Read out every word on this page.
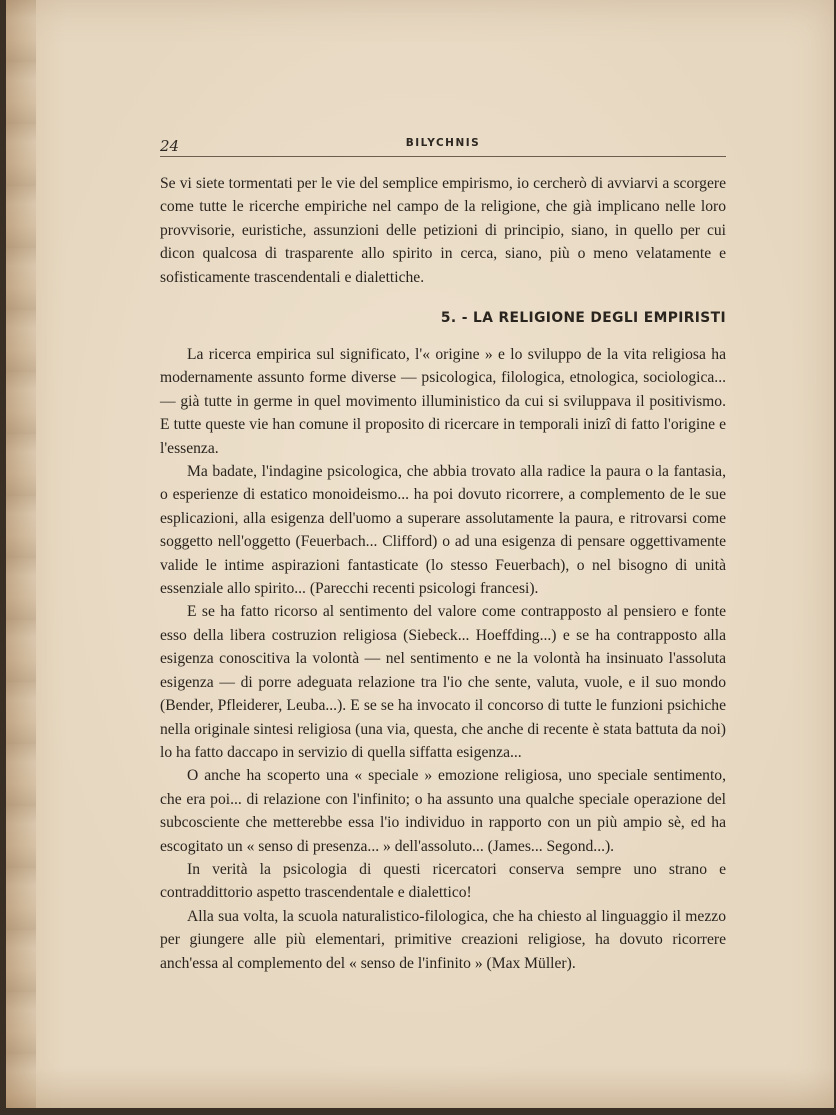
24	BILYCHNIS

Se vi siete tormentati per le vie del semplice empirismo, io cercherò di avviarvi a scorgere come tutte le ricerche empiriche nel campo de la religione, che già implicano nelle loro provvisorie, euristiche, assunzioni delle petizioni di principio, siano, in quello per cui dicon qualcosa di trasparente allo spirito in cerca, siano, più o meno velatamente e sofisticamente trascendentali e dialettiche.

5. - LA RELIGIONE DEGLI EMPIRISTI

La ricerca empirica sul significato, l'« origine » e lo sviluppo de la vita religiosa ha modernamente assunto forme diverse — psicologica, filologica, etnologica, sociologica... — già tutte in germe in quel movimento illuministico da cui si sviluppava il positivismo. E tutte queste vie han comune il proposito di ricercare in temporali inizî di fatto l'origine e l'essenza.

Ma badate, l'indagine psicologica, che abbia trovato alla radice la paura o la fantasia, o esperienze di estatico monoideismo... ha poi dovuto ricorrere, a complemento de le sue esplicazioni, alla esigenza dell'uomo a superare assolutamente la paura, e ritrovarsi come soggetto nell'oggetto (Feuerbach... Clifford) o ad una esigenza di pensare oggettivamente valide le intime aspirazioni fantasticate (lo stesso Feuerbach), o nel bisogno di unità essenziale allo spirito... (Parecchi recenti psicologi francesi).

E se ha fatto ricorso al sentimento del valore come contrapposto al pensiero e fonte esso della libera costruzion religiosa (Siebeck... Hoeffding...) e se ha contrapposto alla esigenza conoscitiva la volontà — nel sentimento e ne la volontà ha insinuato l'assoluta esigenza — di porre adeguata relazione tra l'io che sente, valuta, vuole, e il suo mondo (Bender, Pfleiderer, Leuba...). E se se ha invocato il concorso di tutte le funzioni psichiche nella originale sintesi religiosa (una via, questa, che anche di recente è stata battuta da noi) lo ha fatto daccapo in servizio di quella siffatta esigenza...

O anche ha scoperto una « speciale » emozione religiosa, uno speciale sentimento, che era poi... di relazione con l'infinito; o ha assunto una qualche speciale operazione del subcosciente che metterebbe essa l'io individuo in rapporto con un più ampio sè, ed ha escogitato un « senso di presenza... » dell'assoluto... (James... Segond...).

In verità la psicologia di questi ricercatori conserva sempre uno strano e contraddittorio aspetto trascendentale e dialettico!

Alla sua volta, la scuola naturalistico-filologica, che ha chiesto al linguaggio il mezzo per giungere alle più elementari, primitive creazioni religiose, ha dovuto ricorrere anch'essa al complemento del « senso de l'infinito » (Max Müller).
